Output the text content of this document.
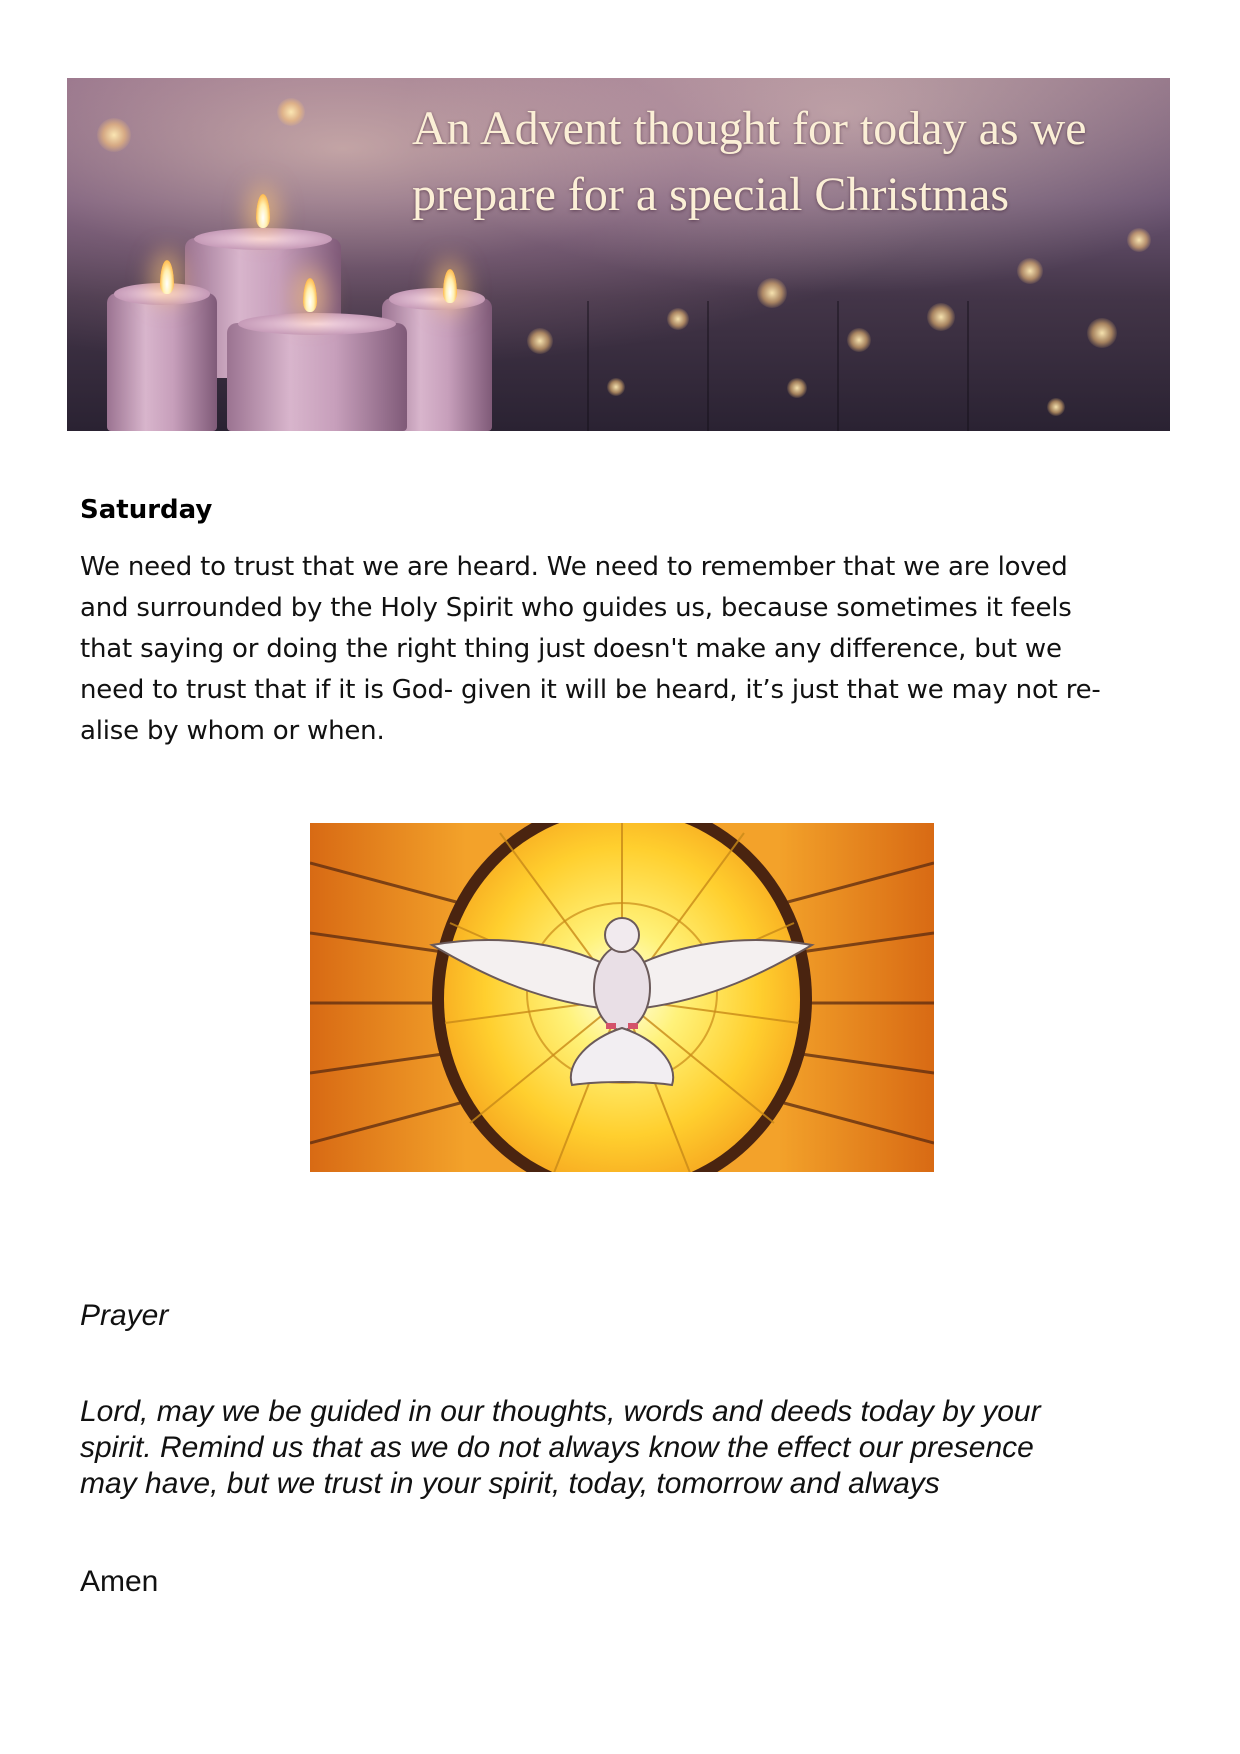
An Advent thought for today as we
prepare for a special Christmas
Saturday
We need to trust that we are heard. We need to remember that we are loved
and surrounded by the Holy Spirit who guides us, because sometimes it feels
that saying or doing the right thing just doesn't make any difference, but we
need to trust that if it is God- given it will be heard, it’s just that we may not re-
alise by whom or when.
Prayer
Lord, may we be guided in our thoughts, words and deeds today by your
spirit. Remind us that as we do not always know the effect our presence
may have, but we trust in your spirit, today, tomorrow and always
Amen
